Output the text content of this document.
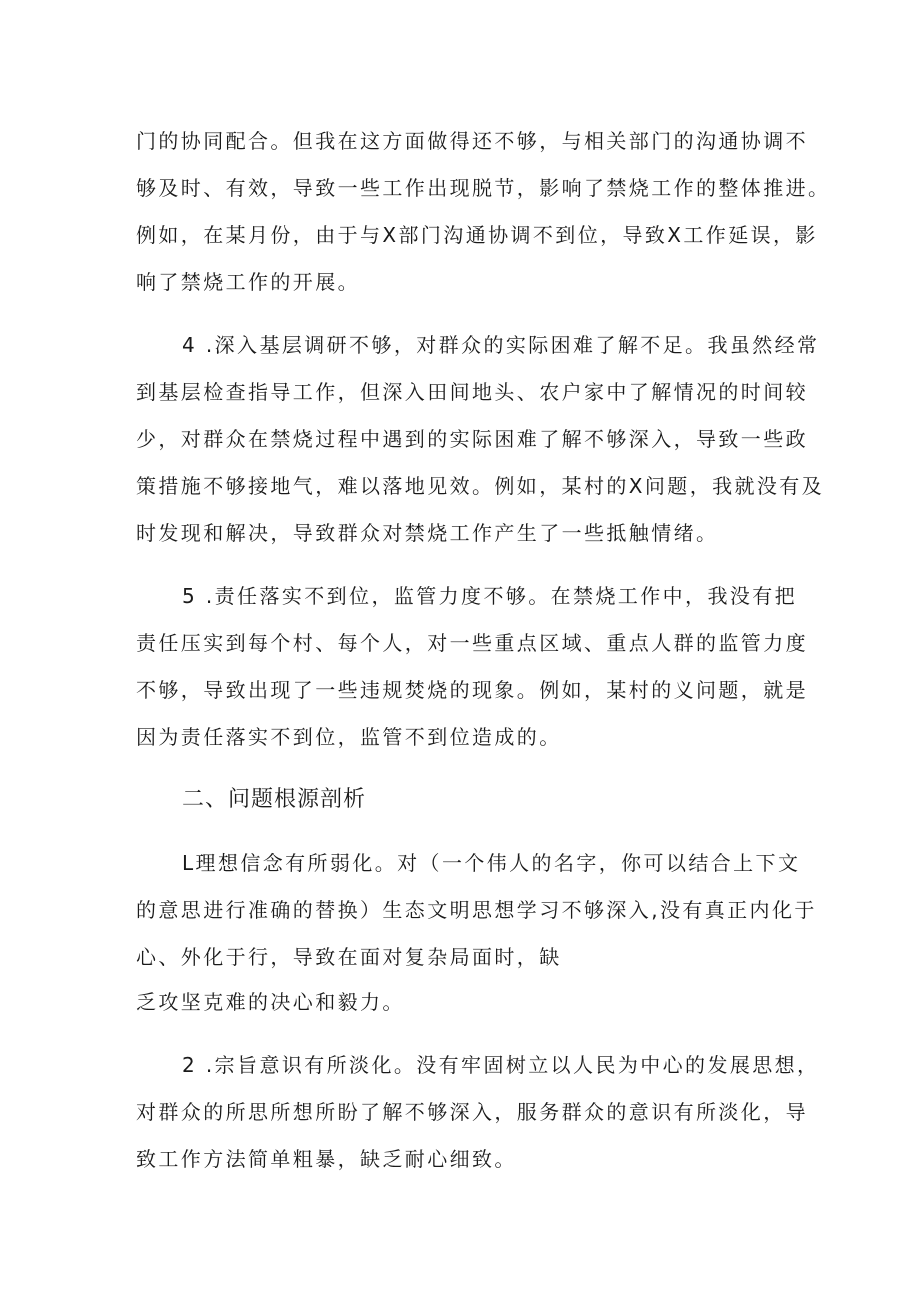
门的协同配合。但我在这方面做得还不够，与相关部门的沟通协调不
够及时、有效，导致一些工作出现脱节，影响了禁烧工作的整体推进。
例如，在某月份，由于与X部门沟通协调不到位，导致X工作延误，影
响了禁烧工作的开展。
4 .深入基层调研不够，对群众的实际困难了解不足。我虽然经常
到基层检查指导工作，但深入田间地头、农户家中了解情况的时间较
少，对群众在禁烧过程中遇到的实际困难了解不够深入，导致一些政
策措施不够接地气，难以落地见效。例如，某村的X问题，我就没有及
时发现和解决，导致群众对禁烧工作产生了一些抵触情绪。
5 .责任落实不到位，监管力度不够。在禁烧工作中，我没有把
责任压实到每个村、每个人，对一些重点区域、重点人群的监管力度
不够，导致出现了一些违规焚烧的现象。例如，某村的义问题，就是
因为责任落实不到位，监管不到位造成的。
二、问题根源剖析
L理想信念有所弱化。对（一个伟人的名字，你可以结合上下文
的意思进行准确的替换）生态文明思想学习不够深入,没有真正内化于
心、外化于行，导致在面对复杂局面时，缺
乏攻坚克难的决心和毅力。
2 .宗旨意识有所淡化。没有牢固树立以人民为中心的发展思想，
对群众的所思所想所盼了解不够深入，服务群众的意识有所淡化，导
致工作方法简单粗暴，缺乏耐心细致。
